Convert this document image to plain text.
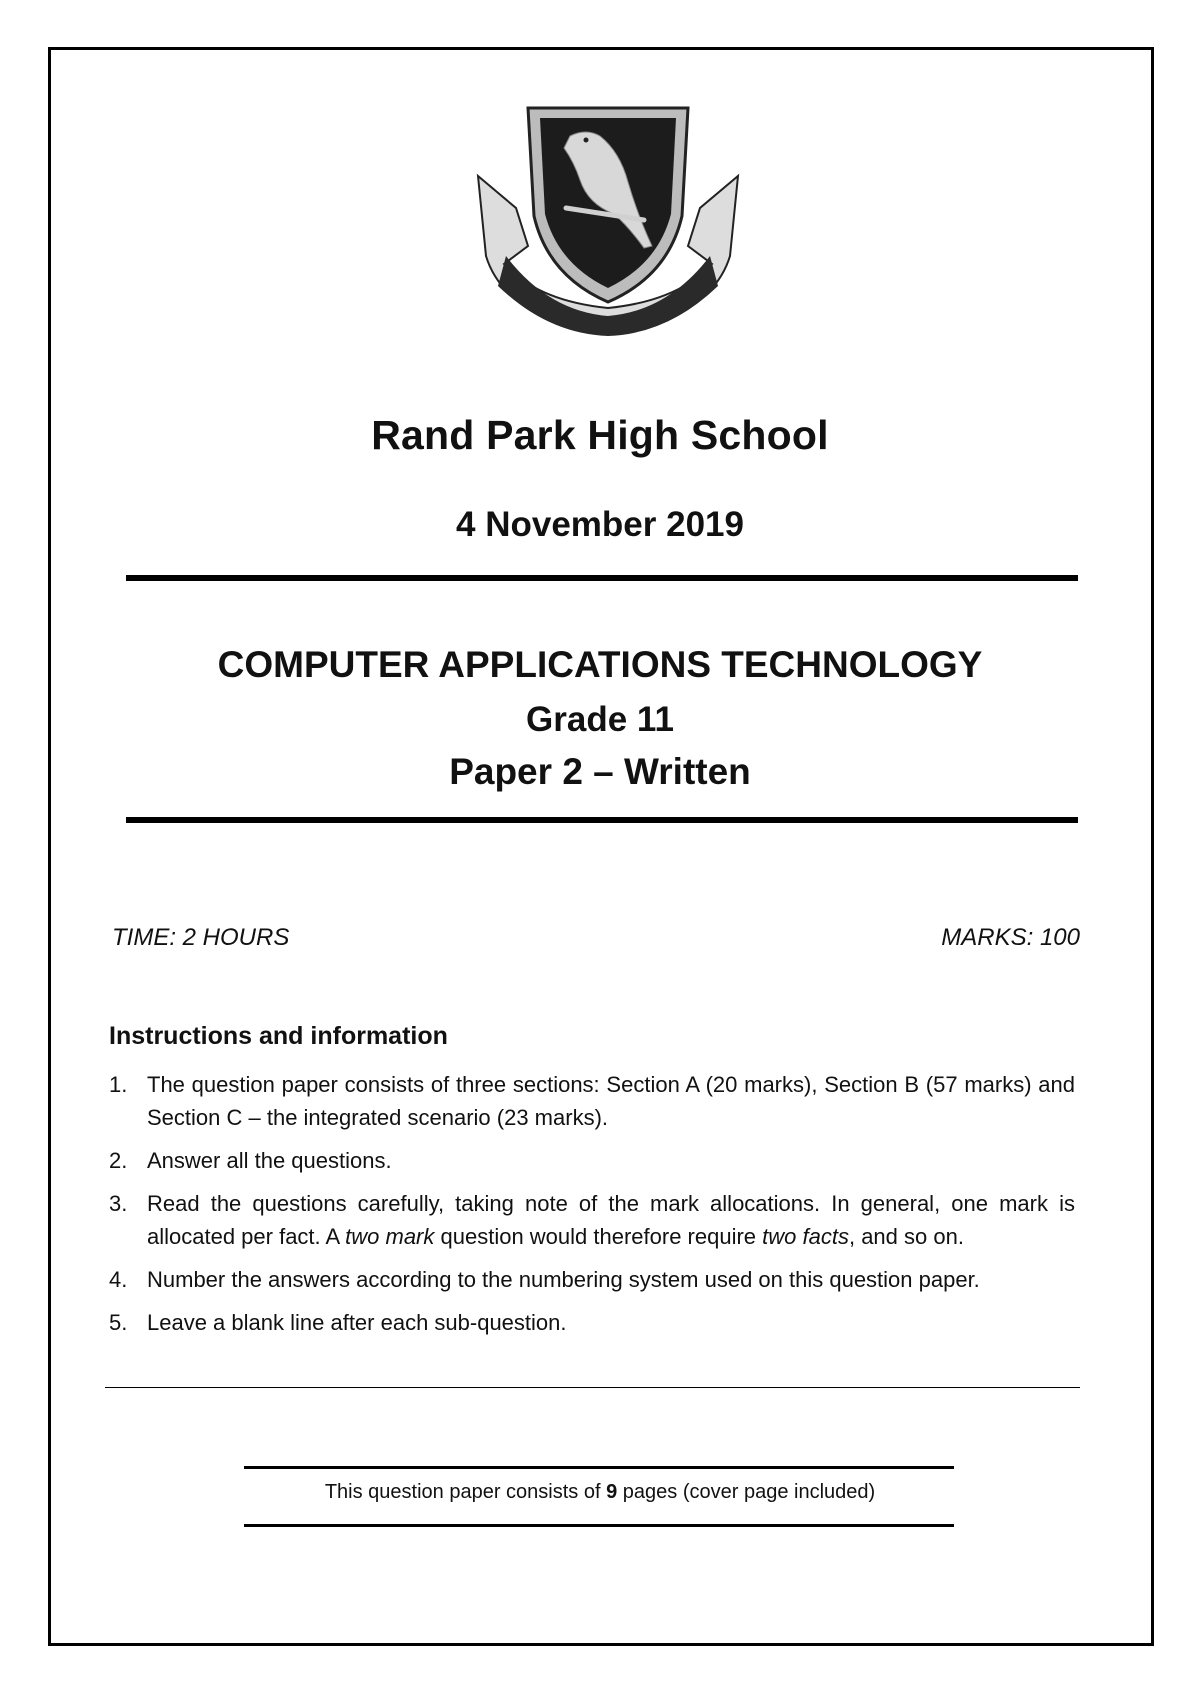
Rand Park High School
4 November 2019
COMPUTER APPLICATIONS TECHNOLOGY
Grade 11
Paper 2 – Written
TIME: 2 HOURS	MARKS: 100
Instructions and information
1. The question paper consists of three sections: Section A (20 marks), Section B (57 marks) and Section C – the integrated scenario (23 marks).
2. Answer all the questions.
3. Read the questions carefully, taking note of the mark allocations. In general, one mark is allocated per fact. A two mark question would therefore require two facts, and so on.
4. Number the answers according to the numbering system used on this question paper.
5. Leave a blank line after each sub-question.
This question paper consists of 9 pages (cover page included)
